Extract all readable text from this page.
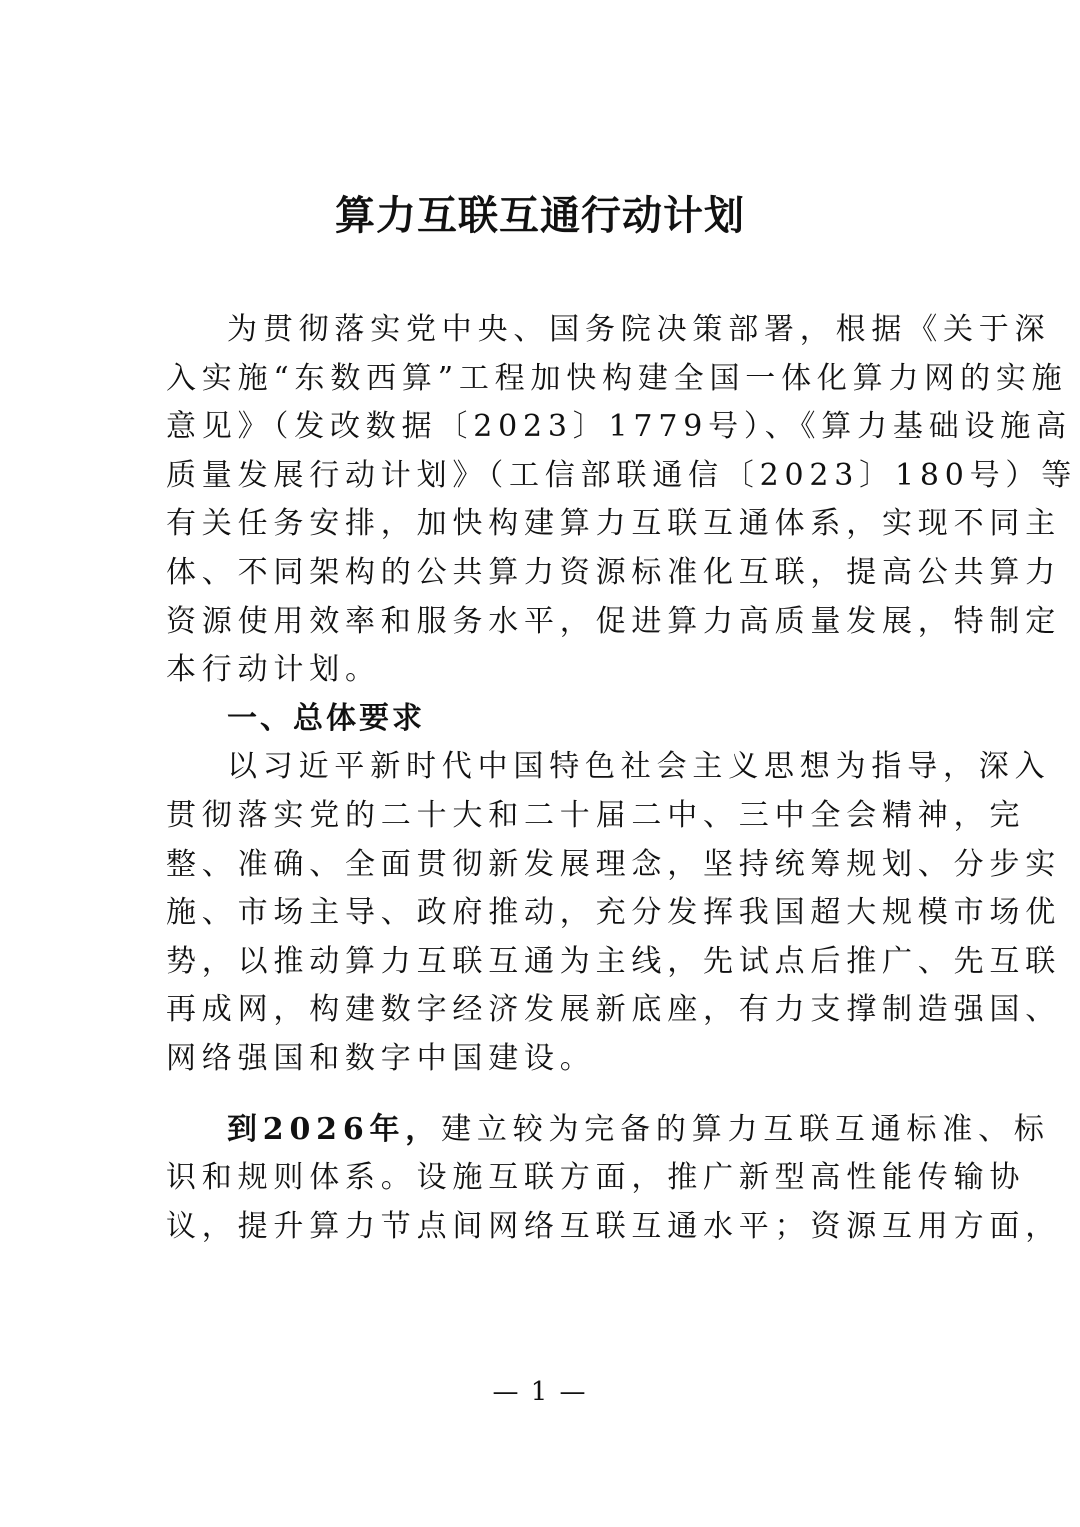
算力互联互通行动计划
为贯彻落实党中央、国务院决策部署，根据《关于深
入实施“东数西算”工程加快构建全国一体化算力网的实施
意见》（发改数据〔2023〕1779号）、《算力基础设施高
质量发展行动计划》（工信部联通信〔2023〕180号）等
有关任务安排，加快构建算力互联互通体系，实现不同主
体、不同架构的公共算力资源标准化互联，提高公共算力
资源使用效率和服务水平，促进算力高质量发展，特制定
本行动计划。
一、总体要求
以习近平新时代中国特色社会主义思想为指导，深入
贯彻落实党的二十大和二十届二中、三中全会精神，完
整、准确、全面贯彻新发展理念，坚持统筹规划、分步实
施、市场主导、政府推动，充分发挥我国超大规模市场优
势，以推动算力互联互通为主线，先试点后推广、先互联
再成网，构建数字经济发展新底座，有力支撑制造强国、
网络强国和数字中国建设。
到2026年，建立较为完备的算力互联互通标准、标
识和规则体系。设施互联方面，推广新型高性能传输协
议，提升算力节点间网络互联互通水平；资源互用方面，
— 1 —
